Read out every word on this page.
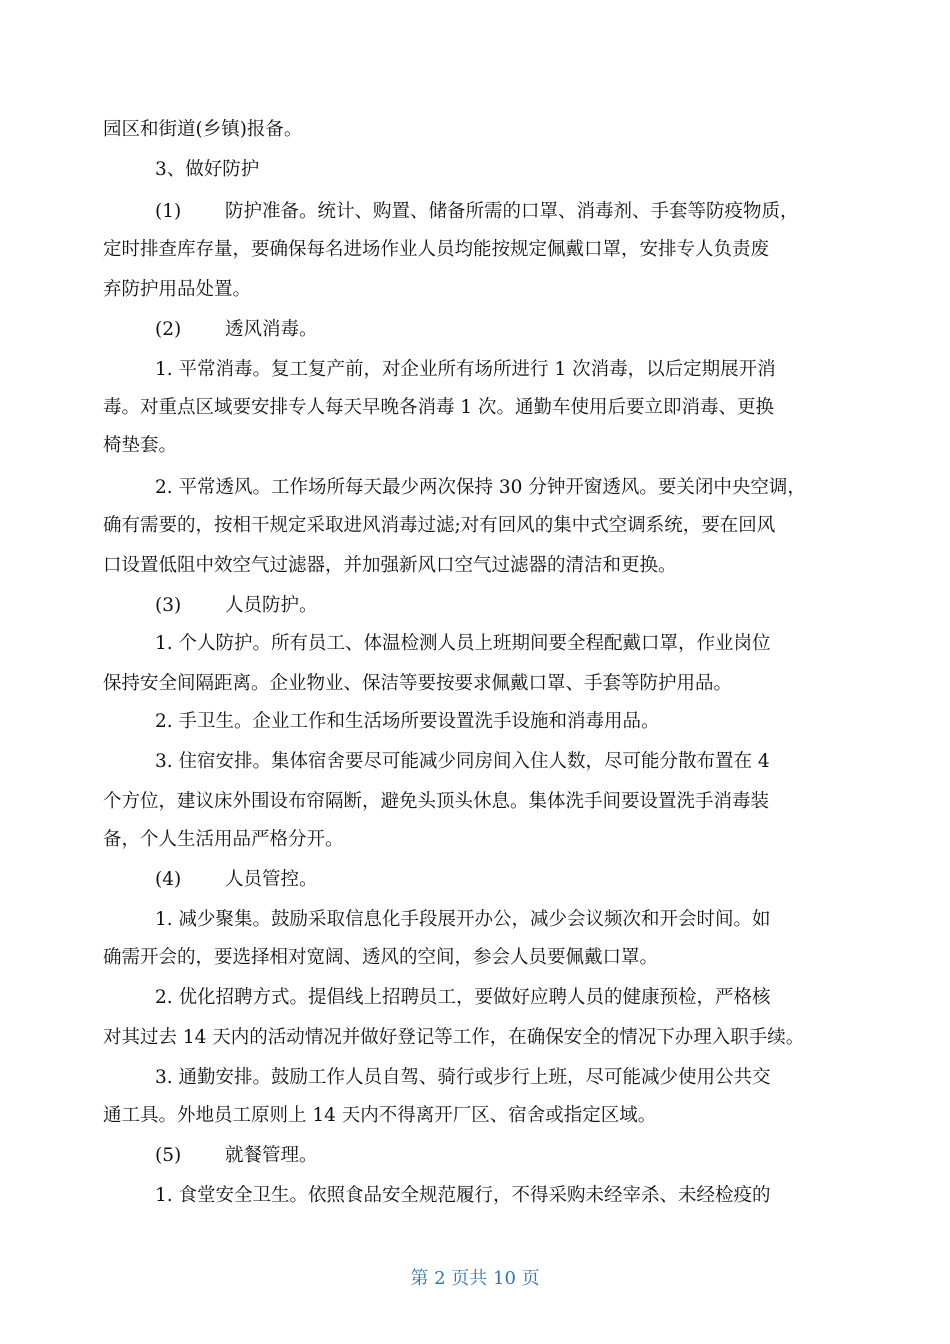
园区和街道(乡镇)报备。
3、做好防护
(1) 防护准备。统计、购置、储备所需的口罩、消毒剂、手套等防疫物质，
定时排查库存量，要确保每名进场作业人员均能按规定佩戴口罩，安排专人负责废
弃防护用品处置。
(2) 透风消毒。
1. 平常消毒。复工复产前，对企业所有场所进行 1 次消毒，以后定期展开消
毒。对重点区域要安排专人每天早晚各消毒 1 次。通勤车使用后要立即消毒、更换
椅垫套。
2. 平常透风。工作场所每天最少两次保持 30 分钟开窗透风。要关闭中央空调，
确有需要的，按相干规定采取进风消毒过滤;对有回风的集中式空调系统，要在回风
口设置低阻中效空气过滤器，并加强新风口空气过滤器的清洁和更换。
(3) 人员防护。
1. 个人防护。所有员工、体温检测人员上班期间要全程配戴口罩，作业岗位
保持安全间隔距离。企业物业、保洁等要按要求佩戴口罩、手套等防护用品。
2. 手卫生。企业工作和生活场所要设置洗手设施和消毒用品。
3. 住宿安排。集体宿舍要尽可能减少同房间入住人数，尽可能分散布置在 4
个方位，建议床外围设布帘隔断，避免头顶头休息。集体洗手间要设置洗手消毒装
备，个人生活用品严格分开。
(4) 人员管控。
1. 减少聚集。鼓励采取信息化手段展开办公，减少会议频次和开会时间。如
确需开会的，要选择相对宽阔、透风的空间，参会人员要佩戴口罩。
2. 优化招聘方式。提倡线上招聘员工，要做好应聘人员的健康预检，严格核
对其过去 14 天内的活动情况并做好登记等工作，在确保安全的情况下办理入职手续。
3. 通勤安排。鼓励工作人员自驾、骑行或步行上班，尽可能减少使用公共交
通工具。外地员工原则上 14 天内不得离开厂区、宿舍或指定区域。
(5) 就餐管理。
1. 食堂安全卫生。依照食品安全规范履行，不得采购未经宰杀、未经检疫的
第 2 页共 10 页
